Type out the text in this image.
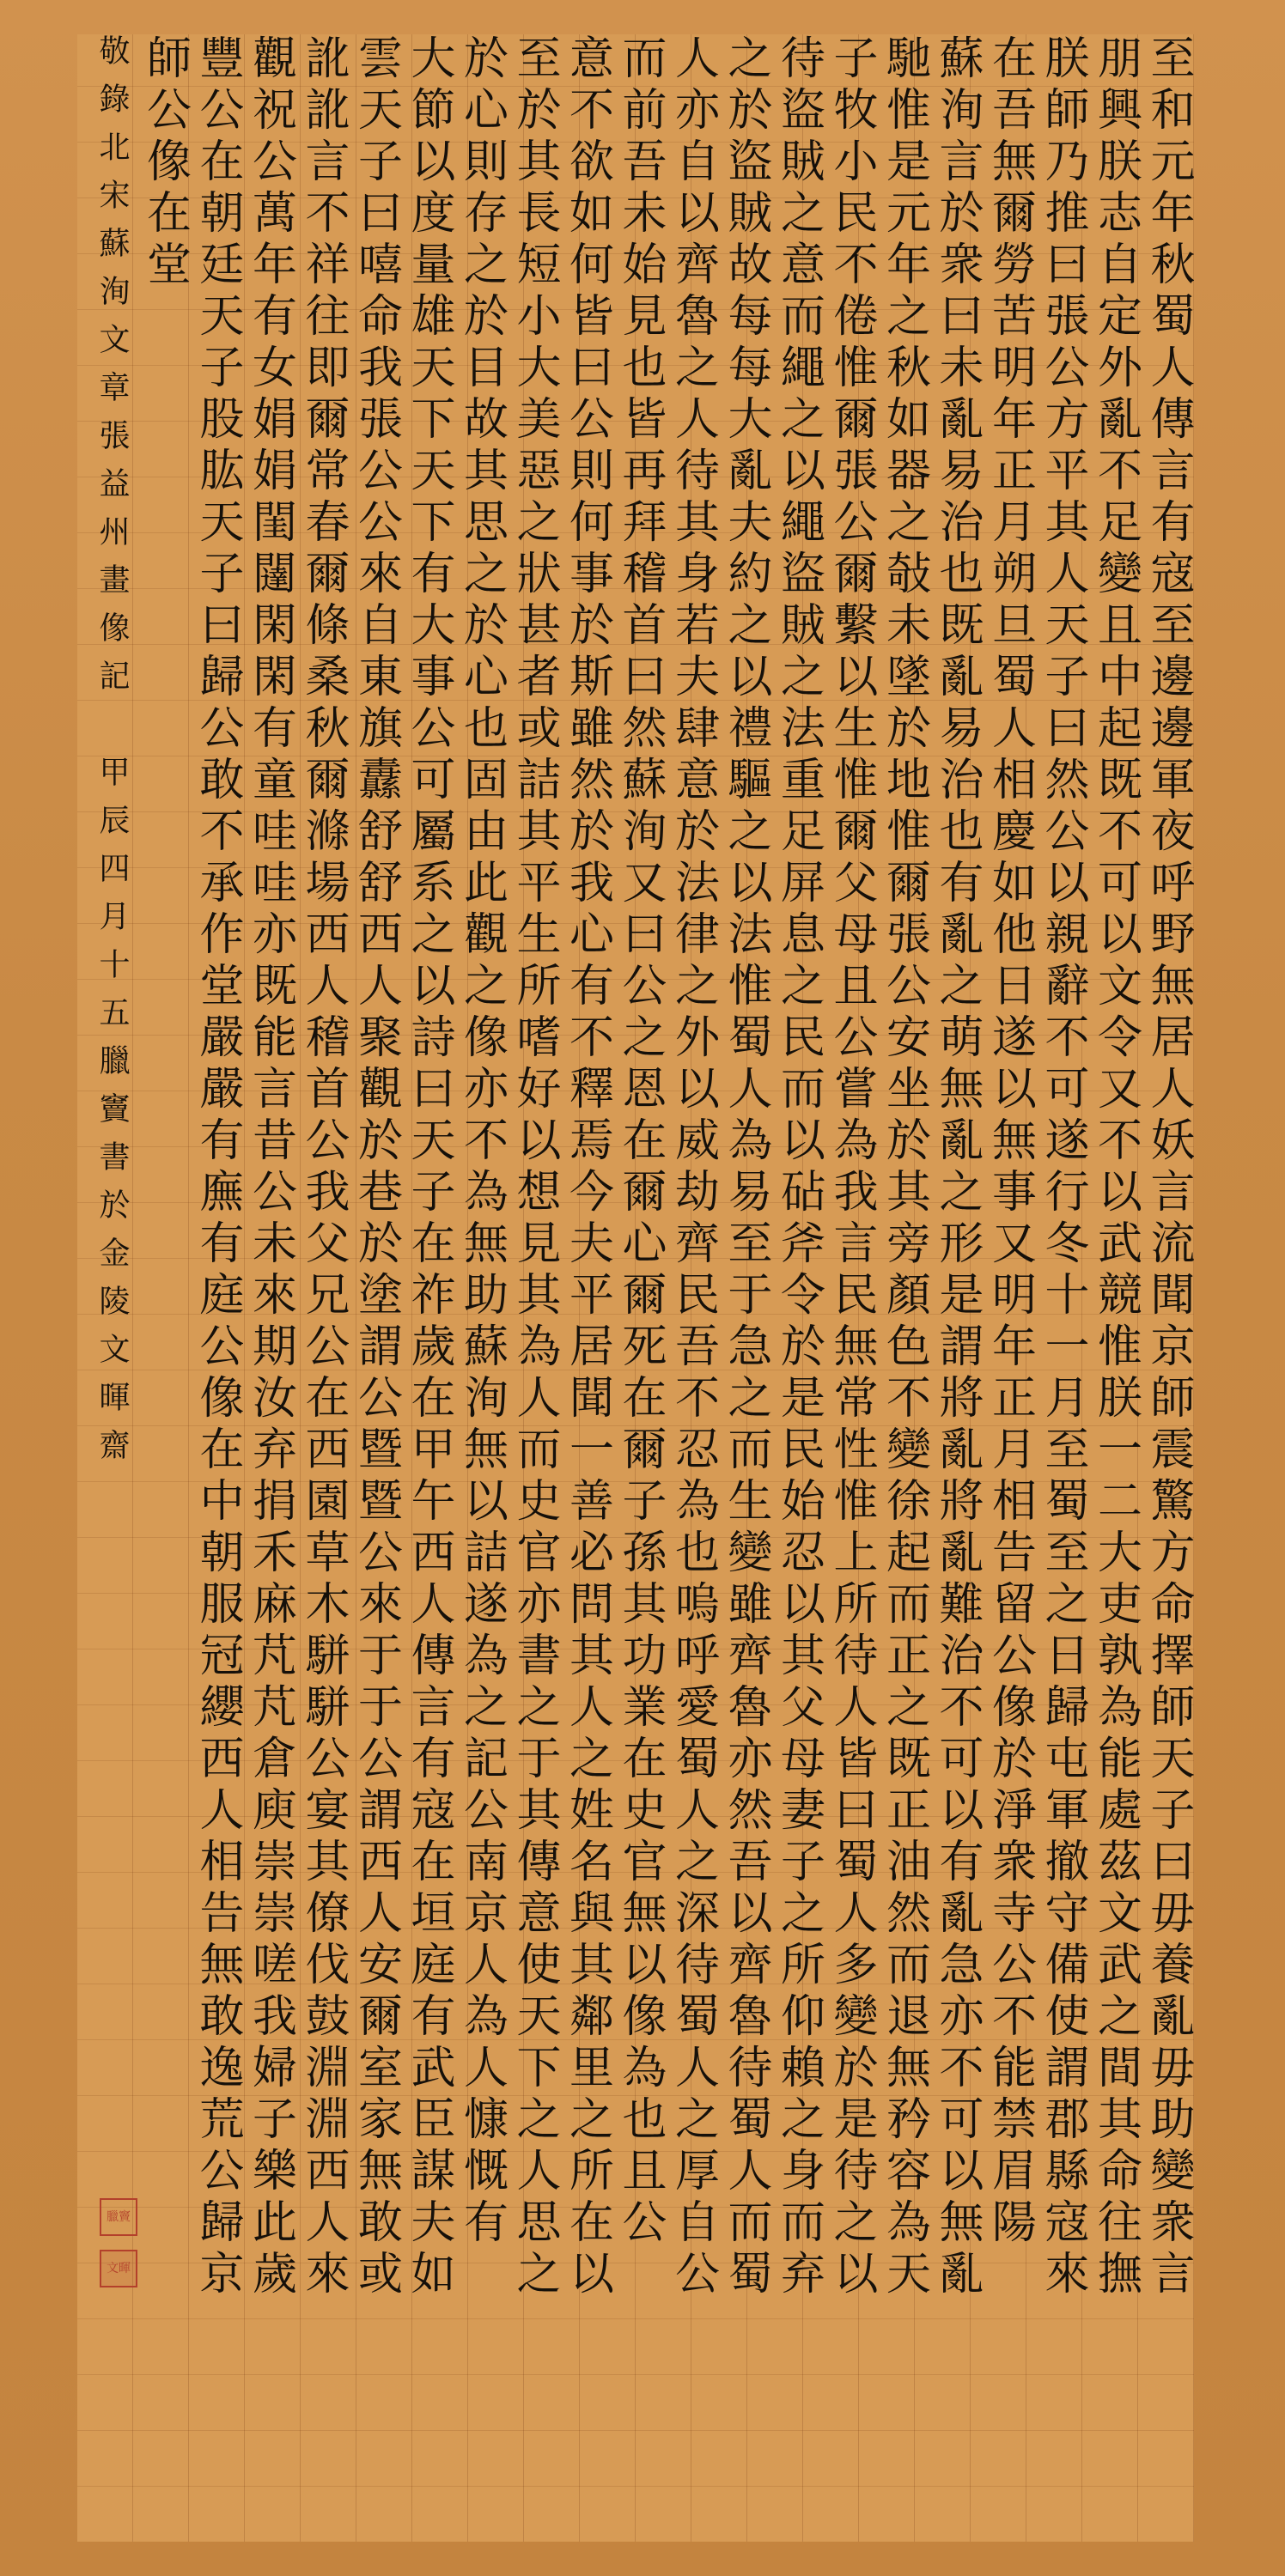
至和元年秋蜀人傳言有寇至邊邊軍夜呼野無居人妖言流聞京師震驚方命擇師天子曰毋養亂毋助變衆言
朋興朕志自定外亂不足變且中起既不可以文令又不以武競惟朕一二大吏孰為能處茲文武之間其命往撫
朕師乃推曰張公方平其人天子曰然公以親辭不可遂行冬十一月至蜀至之日歸屯軍撤守備使謂郡縣寇來
在吾無爾勞苦明年正月朔旦蜀人相慶如他日遂以無事又明年正月相告留公像於淨衆寺公不能禁眉陽
蘇洵言於衆曰未亂易治也既亂易治也有亂之萌無亂之形是謂將亂將亂難治不可以有亂急亦不可以無亂
馳惟是元年之秋如器之敧未墜於地惟爾張公安坐於其旁顏色不變徐起而正之既正油然而退無矜容為天
子牧小民不倦惟爾張公爾繫以生惟爾父母且公嘗為我言民無常性惟上所待人皆曰蜀人多變於是待之以
待盜賊之意而繩之以繩盜賊之法重足屏息之民而以砧斧令於是民始忍以其父母妻子之所仰賴之身而弃
之於盜賊故每每大亂夫約之以禮驅之以法惟蜀人為易至于急之而生變雖齊魯亦然吾以齊魯待蜀人而蜀
人亦自以齊魯之人待其身若夫肆意於法律之外以威劫齊民吾不忍為也嗚呼愛蜀人之深待蜀人之厚自公
而前吾未始見也皆再拜稽首曰然蘇洵又曰公之恩在爾心爾死在爾子孫其功業在史官無以像為也且公
意不欲如何皆曰公則何事於斯雖然於我心有不釋焉今夫平居聞一善必問其人之姓名與其鄰里之所在以
至於其長短小大美惡之狀甚者或詰其平生所嗜好以想見其為人而史官亦書之于其傳意使天下之人思之
於心則存之於目故其思之於心也固由此觀之像亦不為無助蘇洵無以詰遂為之記公南京人為人慷慨有
大節以度量雄天下天下有大事公可屬系之以詩曰天子在祚歲在甲午西人傳言有寇在垣庭有武臣謀夫如
雲天子曰嘻命我張公公來自東旗纛舒舒西人聚觀於巷於塗謂公暨暨公來于于公謂西人安爾室家無敢或
訛訛言不祥往即爾常春爾條桑秋爾滌場西人稽首公我父兄公在西園草木駢駢公宴其僚伐鼓淵淵西人來
觀祝公萬年有女娟娟閨闥閑閑有童哇哇亦既能言昔公未來期汝弃捐禾麻芃芃倉庾崇崇嗟我婦子樂此歲
豐公在朝廷天子股肱天子曰歸公敢不承作堂嚴嚴有廡有庭公像在中朝服冠纓西人相告無敢逸荒公歸京
師公像在堂
敬錄北宋蘇洵文章張益州畫像記　甲辰四月十五臘竇書於金陵文暉齋
臘竇
文暉
